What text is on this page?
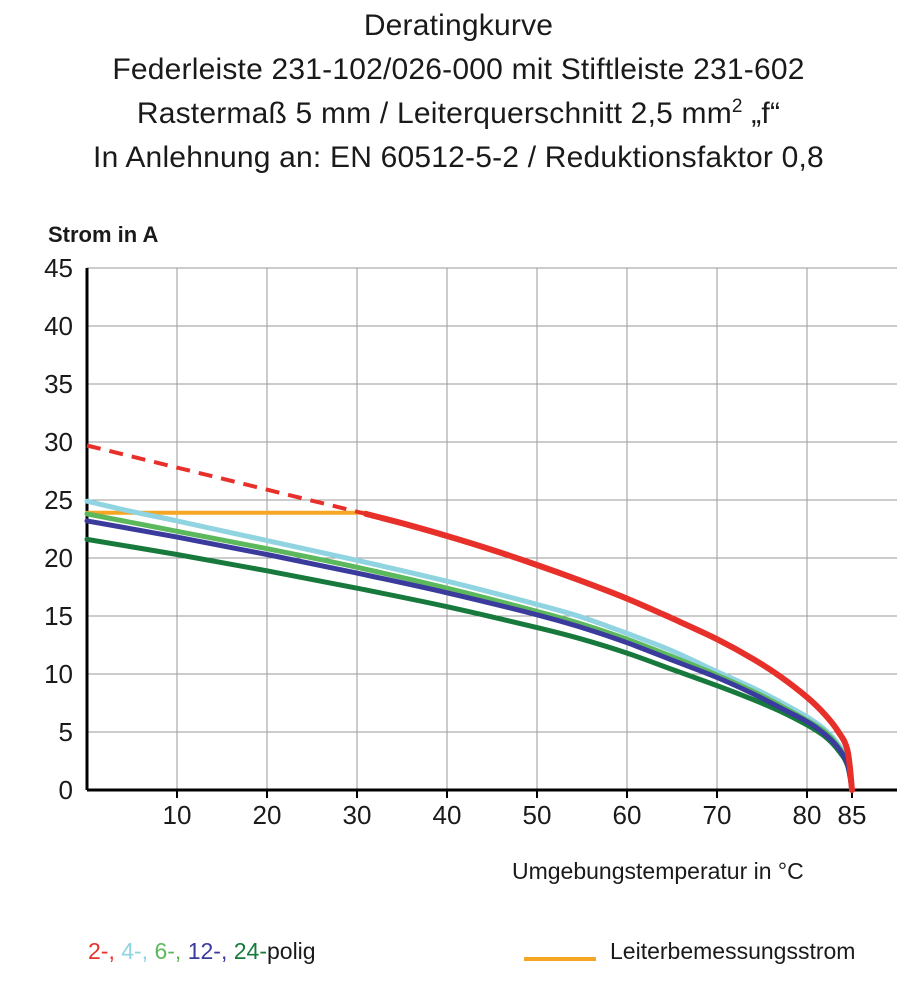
Deratingkurve
Federleiste 231-102/026-000 mit Stiftleiste 231-602
Rastermaß 5 mm / Leiterquerschnitt 2,5 $mm^2$ „f“
In Anlehnung an: EN 60512-5-2 / Reduktionsfaktor 0,8
Strom in A
Umgebungstemperatur in °C
0
5
10
15
20
25
30
35
40
45
10 20 30 40 50 60 70 80 85
2-, 4-, 6-, 12-, 24-polig	Leiterbemessungsstrom
